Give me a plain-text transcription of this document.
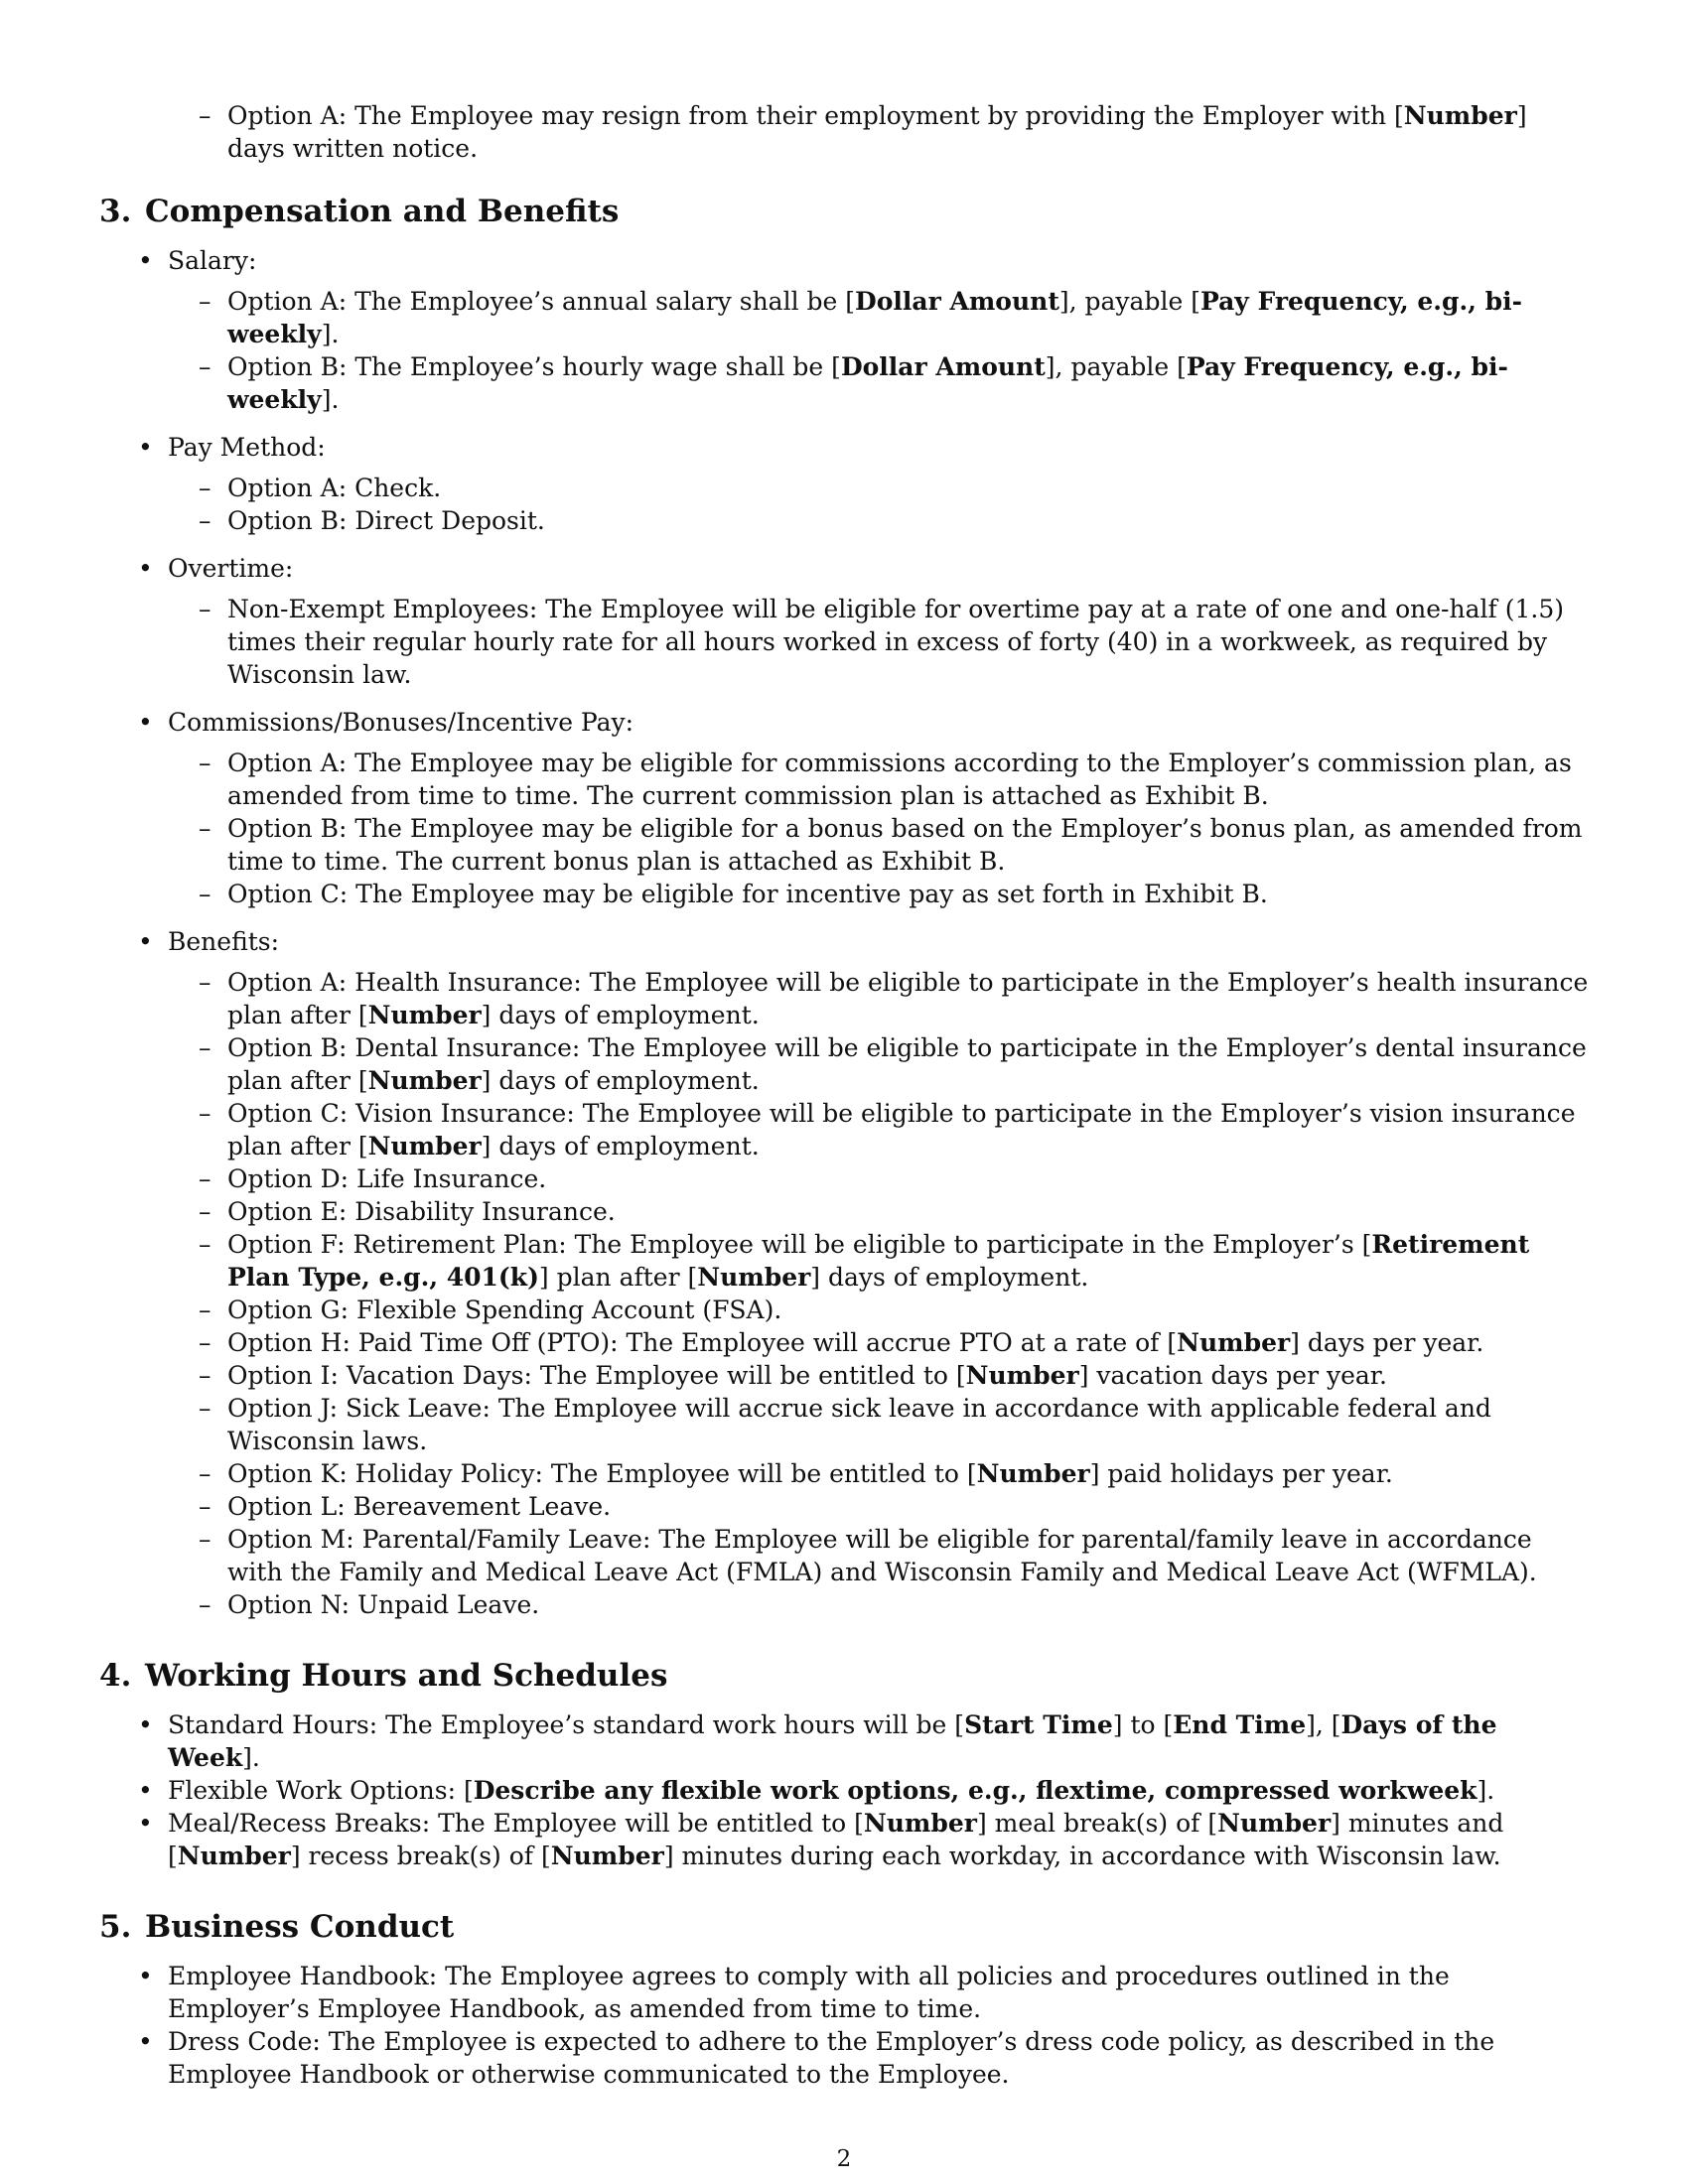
– Option A: The Employee may resign from their employment by providing the Employer with [Number] days written notice.
3. Compensation and Benefits
• Salary:
– Option A: The Employee’s annual salary shall be [Dollar Amount], payable [Pay Frequency, e.g., bi-weekly].
– Option B: The Employee’s hourly wage shall be [Dollar Amount], payable [Pay Frequency, e.g., bi-weekly].
• Pay Method:
– Option A: Check.
– Option B: Direct Deposit.
• Overtime:
– Non-Exempt Employees: The Employee will be eligible for overtime pay at a rate of one and one-half (1.5) times their regular hourly rate for all hours worked in excess of forty (40) in a workweek, as required by Wisconsin law.
• Commissions/Bonuses/Incentive Pay:
– Option A: The Employee may be eligible for commissions according to the Employer’s commission plan, as amended from time to time. The current commission plan is attached as Exhibit B.
– Option B: The Employee may be eligible for a bonus based on the Employer’s bonus plan, as amended from time to time. The current bonus plan is attached as Exhibit B.
– Option C: The Employee may be eligible for incentive pay as set forth in Exhibit B.
• Benefits:
– Option A: Health Insurance: The Employee will be eligible to participate in the Employer’s health insurance plan after [Number] days of employment.
– Option B: Dental Insurance: The Employee will be eligible to participate in the Employer’s dental insurance plan after [Number] days of employment.
– Option C: Vision Insurance: The Employee will be eligible to participate in the Employer’s vision insurance plan after [Number] days of employment.
– Option D: Life Insurance.
– Option E: Disability Insurance.
– Option F: Retirement Plan: The Employee will be eligible to participate in the Employer’s [Retirement Plan Type, e.g., 401(k)] plan after [Number] days of employment.
– Option G: Flexible Spending Account (FSA).
– Option H: Paid Time Off (PTO): The Employee will accrue PTO at a rate of [Number] days per year.
– Option I: Vacation Days: The Employee will be entitled to [Number] vacation days per year.
– Option J: Sick Leave: The Employee will accrue sick leave in accordance with applicable federal and Wisconsin laws.
– Option K: Holiday Policy: The Employee will be entitled to [Number] paid holidays per year.
– Option L: Bereavement Leave.
– Option M: Parental/Family Leave: The Employee will be eligible for parental/family leave in accordance with the Family and Medical Leave Act (FMLA) and Wisconsin Family and Medical Leave Act (WFMLA).
– Option N: Unpaid Leave.
4. Working Hours and Schedules
• Standard Hours: The Employee’s standard work hours will be [Start Time] to [End Time], [Days of the Week].
• Flexible Work Options: [Describe any flexible work options, e.g., flextime, compressed workweek].
• Meal/Recess Breaks: The Employee will be entitled to [Number] meal break(s) of [Number] minutes and [Number] recess break(s) of [Number] minutes during each workday, in accordance with Wisconsin law.
5. Business Conduct
• Employee Handbook: The Employee agrees to comply with all policies and procedures outlined in the Employer’s Employee Handbook, as amended from time to time.
• Dress Code: The Employee is expected to adhere to the Employer’s dress code policy, as described in the Employee Handbook or otherwise communicated to the Employee.
2
